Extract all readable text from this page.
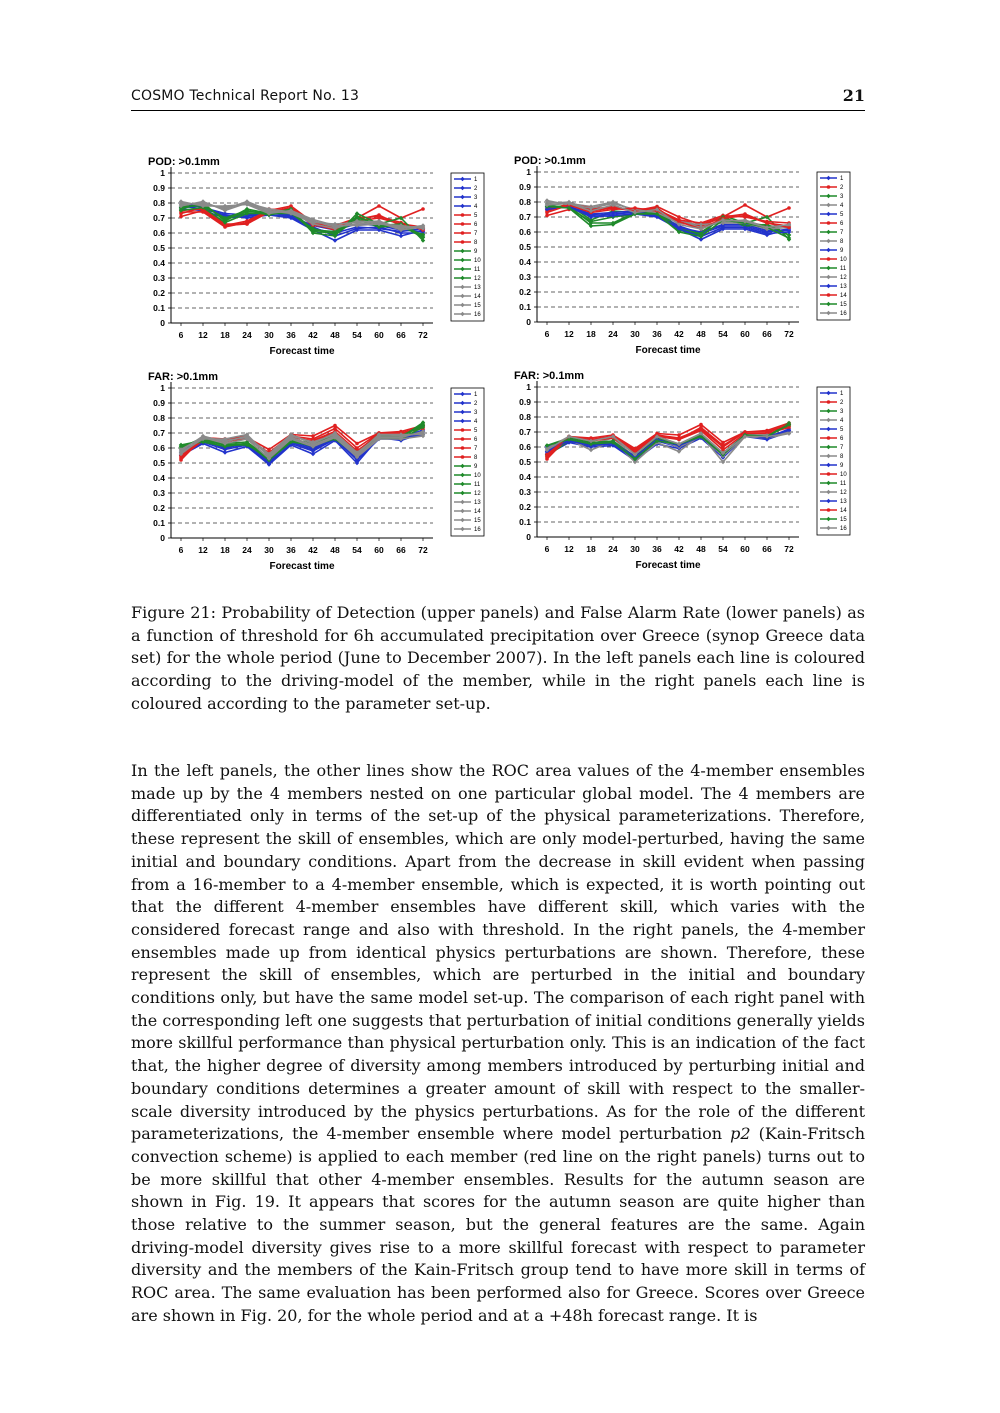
COSMO Technical Report No. 13	21
POD: >0.1mm
0
0.1
0.2
0.3
0.4
0.5
0.6
0.7
0.8
0.9
1
6 12 18 24 30 36 42 48 54 60 66 72
Forecast time
1
2
3
4
5
6
7
8
9
10
11
12
13
14
15
16
POD: >0.1mm
0
0.1
0.2
0.3
0.4
0.5
0.6
0.7
0.8
0.9
1
6 12 18 24 30 36 42 48 54 60 66 72
Forecast time
1
2
3
4
5
6
7
8
9
10
11
12
13
14
15
16
FAR: >0.1mm
0
0.1
0.2
0.3
0.4
0.5
0.6
0.7
0.8
0.9
1
6 12 18 24 30 36 42 48 54 60 66 72
Forecast time
1
2
3
4
5
6
7
8
9
10
11
12
13
14
15
16
FAR: >0.1mm
0
0.1
0.2
0.3
0.4
0.5
0.6
0.7
0.8
0.9
1
6 12 18 24 30 36 42 48 54 60 66 72
Forecast time
1
2
3
4
5
6
7
8
9
10
11
12
13
14
15
16
Figure 21: Probability of Detection (upper panels) and False Alarm Rate (lower panels) as a function of threshold for 6h accumulated precipitation over Greece (synop Greece data set) for the whole period (June to December 2007). In the left panels each line is coloured according to the driving-model of the member, while in the right panels each line is coloured according to the parameter set-up.
In the left panels, the other lines show the ROC area values of the 4-member ensembles made up by the 4 members nested on one particular global model. The 4 members are differentiated only in terms of the set-up of the physical parameterizations. Therefore, these represent the skill of ensembles, which are only model-perturbed, having the same initial and boundary conditions. Apart from the decrease in skill evident when passing from a 16-member to a 4-member ensemble, which is expected, it is worth pointing out that the different 4-member ensembles have different skill, which varies with the considered forecast range and also with threshold. In the right panels, the 4-member ensembles made up from identical physics perturbations are shown. Therefore, these represent the skill of ensembles, which are perturbed in the initial and boundary conditions only, but have the same model set-up. The comparison of each right panel with the corresponding left one suggests that perturbation of initial conditions generally yields more skillful performance than physical perturbation only. This is an indication of the fact that, the higher degree of diversity among members introduced by perturbing initial and boundary conditions determines a greater amount of skill with respect to the smaller-scale diversity introduced by the physics perturbations. As for the role of the different parameterizations, the 4-member ensemble where model perturbation p2 (Kain-Fritsch convection scheme) is applied to each member (red line on the right panels) turns out to be more skillful that other 4-member ensembles. Results for the autumn season are shown in Fig. 19. It appears that scores for the autumn season are quite higher than those relative to the summer season, but the general features are the same. Again driving-model diversity gives rise to a more skillful forecast with respect to parameter diversity and the members of the Kain-Fritsch group tend to have more skill in terms of ROC area. The same evaluation has been performed also for Greece. Scores over Greece are shown in Fig. 20, for the whole period and at a +48h forecast range. It is
